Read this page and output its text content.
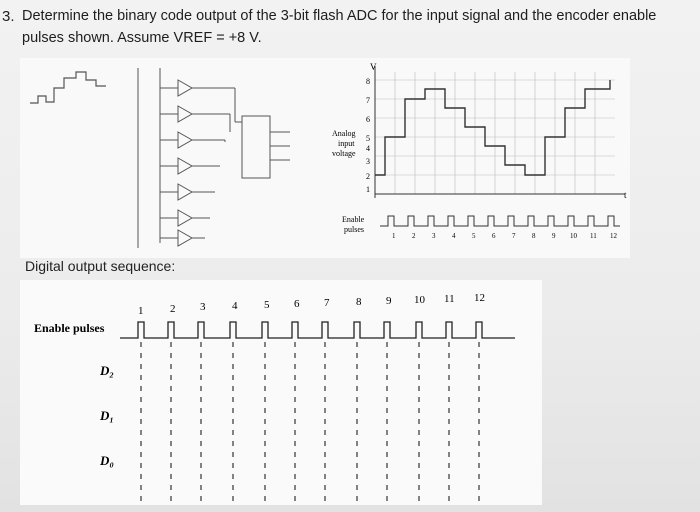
3. Determine the binary code output of the 3-bit flash ADC for the input signal and the encoder enable
pulses shown. Assume VREF = +8 V.
V
8
7
6
5
4
3
2
1
Analog
input
voltage
t
Enable
pulses
1 2 3 4 5 6 7 8 9 10 11 12
Digital output sequence:
Enable pulses
1 2 3 4 5 6 7 8 9 10 11 12
D₂
D₁
D₀
